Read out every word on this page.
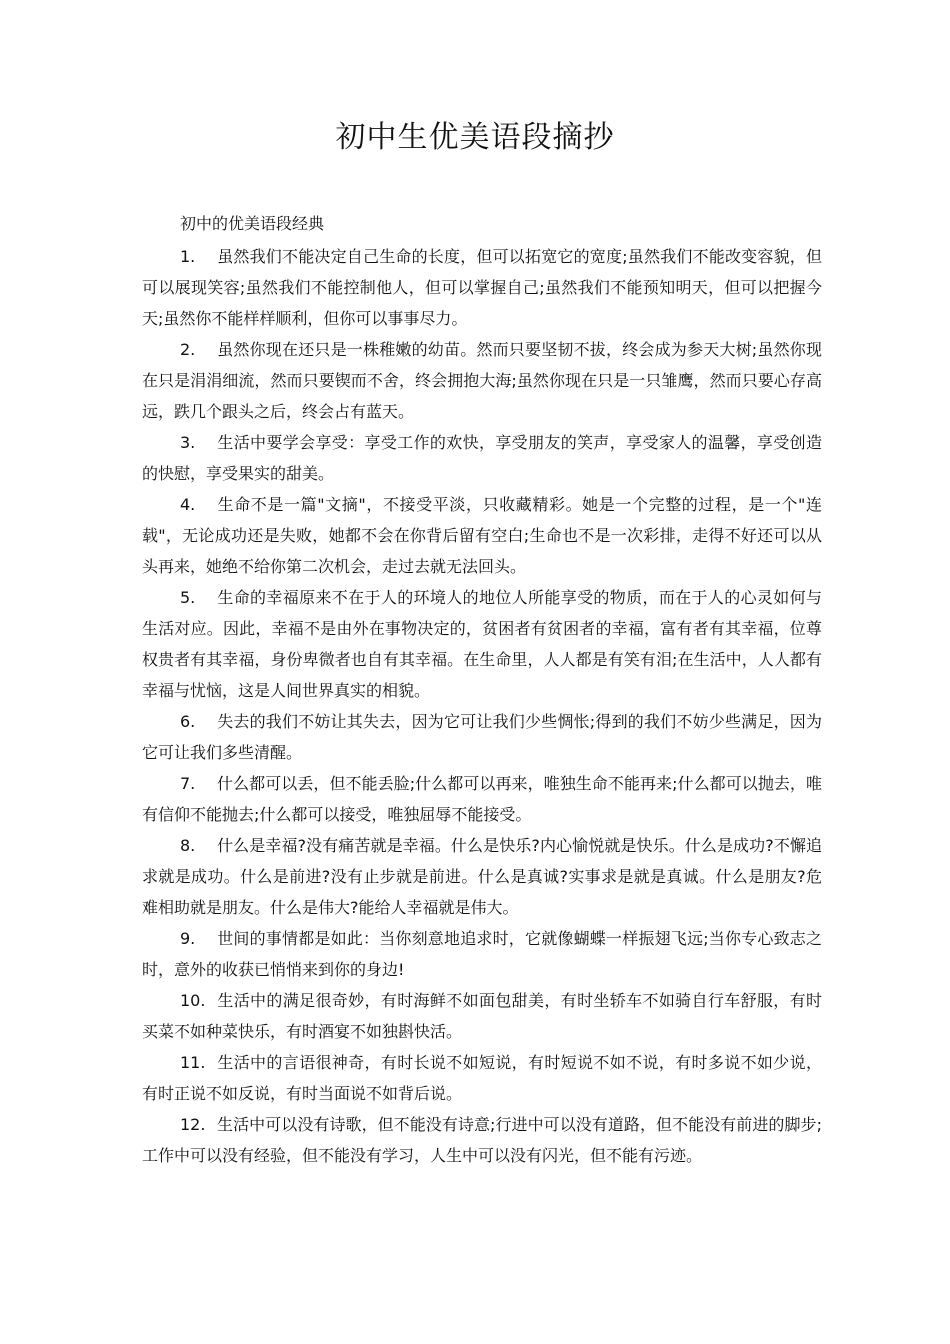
初中生优美语段摘抄

初中的优美语段经典

1. 虽然我们不能决定自己生命的长度，但可以拓宽它的宽度;虽然我们不能改变容貌，但可以展现笑容;虽然我们不能控制他人，但可以掌握自己;虽然我们不能预知明天，但可以把握今天;虽然你不能样样顺利，但你可以事事尽力。

2. 虽然你现在还只是一株稚嫩的幼苗。然而只要坚韧不拔，终会成为参天大树;虽然你现在只是涓涓细流，然而只要锲而不舍，终会拥抱大海;虽然你现在只是一只雏鹰，然而只要心存高远，跌几个跟头之后，终会占有蓝天。

3. 生活中要学会享受：享受工作的欢快，享受朋友的笑声，享受家人的温馨，享受创造的快慰，享受果实的甜美。

4. 生命不是一篇"文摘"，不接受平淡，只收藏精彩。她是一个完整的过程，是一个"连载"，无论成功还是失败，她都不会在你背后留有空白;生命也不是一次彩排，走得不好还可以从头再来，她绝不给你第二次机会，走过去就无法回头。

5. 生命的幸福原来不在于人的环境人的地位人所能享受的物质，而在于人的心灵如何与生活对应。因此，幸福不是由外在事物决定的，贫困者有贫困者的幸福，富有者有其幸福，位尊权贵者有其幸福，身份卑微者也自有其幸福。在生命里，人人都是有笑有泪;在生活中，人人都有幸福与忧恼，这是人间世界真实的相貌。

6. 失去的我们不妨让其失去，因为它可让我们少些惆怅;得到的我们不妨少些满足，因为它可让我们多些清醒。

7. 什么都可以丢，但不能丢脸;什么都可以再来，唯独生命不能再来;什么都可以抛去，唯有信仰不能抛去;什么都可以接受，唯独屈辱不能接受。

8. 什么是幸福?没有痛苦就是幸福。什么是快乐?内心愉悦就是快乐。什么是成功?不懈追求就是成功。什么是前进?没有止步就是前进。什么是真诚?实事求是就是真诚。什么是朋友?危难相助就是朋友。什么是伟大?能给人幸福就是伟大。

9. 世间的事情都是如此：当你刻意地追求时，它就像蝴蝶一样振翅飞远;当你专心致志之时，意外的收获已悄悄来到你的身边!

10. 生活中的满足很奇妙，有时海鲜不如面包甜美，有时坐轿车不如骑自行车舒服，有时买菜不如种菜快乐，有时酒宴不如独斟快活。

11. 生活中的言语很神奇，有时长说不如短说，有时短说不如不说，有时多说不如少说，有时正说不如反说，有时当面说不如背后说。

12. 生活中可以没有诗歌，但不能没有诗意;行进中可以没有道路，但不能没有前进的脚步;工作中可以没有经验，但不能没有学习，人生中可以没有闪光，但不能有污迹。
